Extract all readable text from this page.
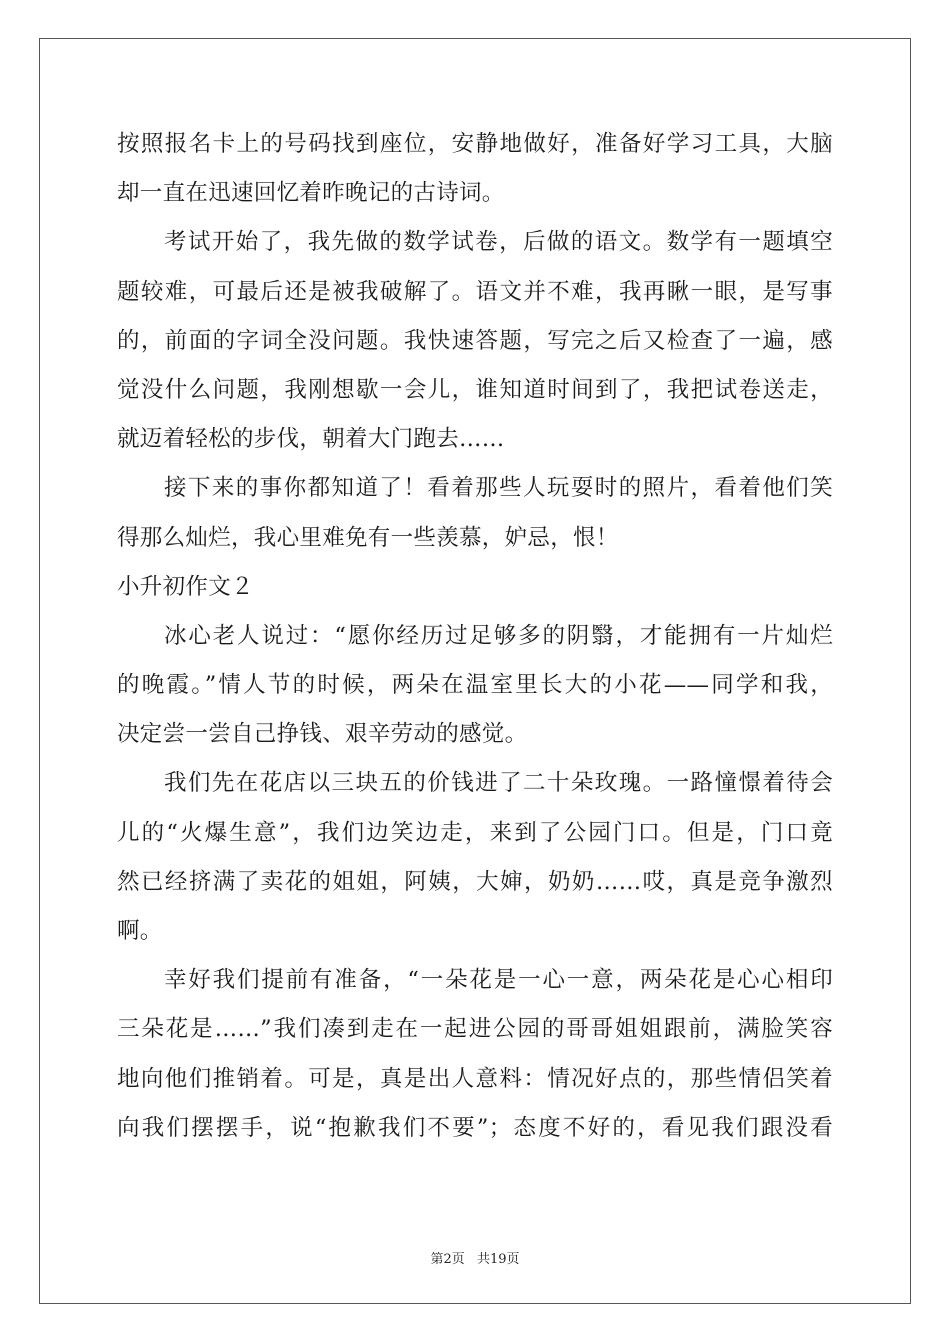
按照报名卡上的号码找到座位，安静地做好，准备好学习工具，大脑
却一直在迅速回忆着昨晚记的古诗词。
考试开始了，我先做的数学试卷，后做的语文。数学有一题填空
题较难，可最后还是被我破解了。语文并不难，我再瞅一眼，是写事
的，前面的字词全没问题。我快速答题，写完之后又检查了一遍，感
觉没什么问题，我刚想歇一会儿，谁知道时间到了，我把试卷送走，
就迈着轻松的步伐，朝着大门跑去……
接下来的事你都知道了！看着那些人玩耍时的照片，看着他们笑
得那么灿烂，我心里难免有一些羡慕，妒忌，恨！
小升初作文２
冰心老人说过：“愿你经历过足够多的阴翳，才能拥有一片灿烂
的晚霞。”情人节的时候，两朵在温室里长大的小花——同学和我，
决定尝一尝自己挣钱、艰辛劳动的感觉。
我们先在花店以三块五的价钱进了二十朵玫瑰。一路憧憬着待会
儿的“火爆生意”，我们边笑边走，来到了公园门口。但是，门口竟
然已经挤满了卖花的姐姐，阿姨，大婶，奶奶……哎，真是竞争激烈
啊。
幸好我们提前有准备，“一朵花是一心一意，两朵花是心心相印
三朵花是……”我们凑到走在一起进公园的哥哥姐姐跟前，满脸笑容
地向他们推销着。可是，真是出人意料：情况好点的，那些情侣笑着
向我们摆摆手，说“抱歉我们不要”；态度不好的，看见我们跟没看
第2页 共19页
